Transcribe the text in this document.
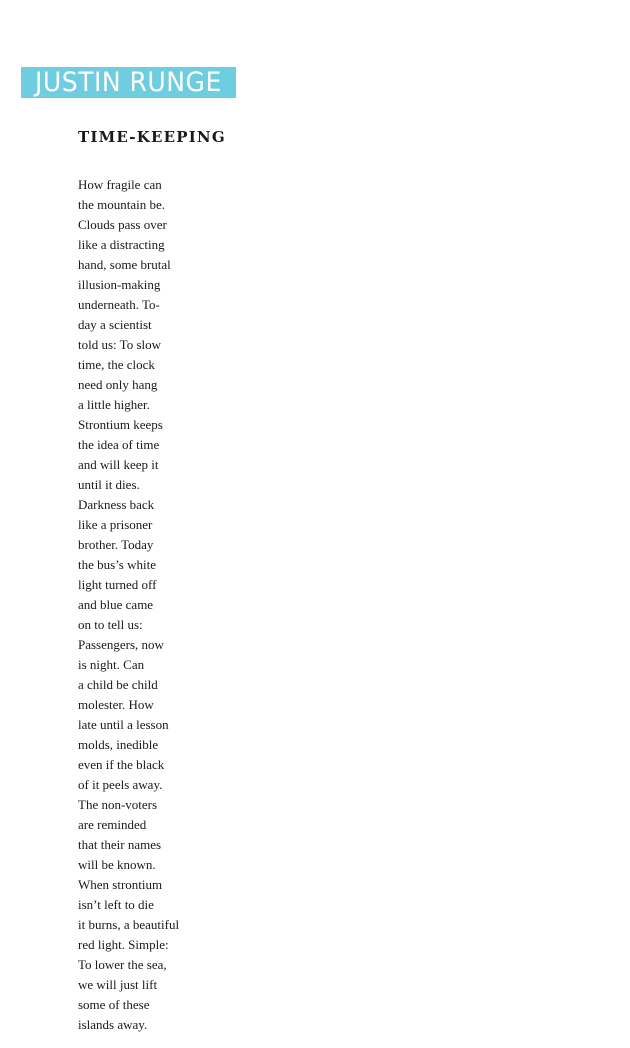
JUSTIN RUNGE
TIME-KEEPING
How fragile can
the mountain be.
Clouds pass over
like a distracting
hand, some brutal
illusion-making
underneath. To-
day a scientist
told us: To slow
time, the clock
need only hang
a little higher.
Strontium keeps
the idea of time
and will keep it
until it dies.
Darkness back
like a prisoner
brother. Today
the bus’s white
light turned off
and blue came
on to tell us:
Passengers, now
is night. Can
a child be child
molester. How
late until a lesson
molds, inedible
even if the black
of it peels away.
The non-voters
are reminded
that their names
will be known.
When strontium
isn’t left to die
it burns, a beautiful
red light. Simple:
To lower the sea,
we will just lift
some of these
islands away.
